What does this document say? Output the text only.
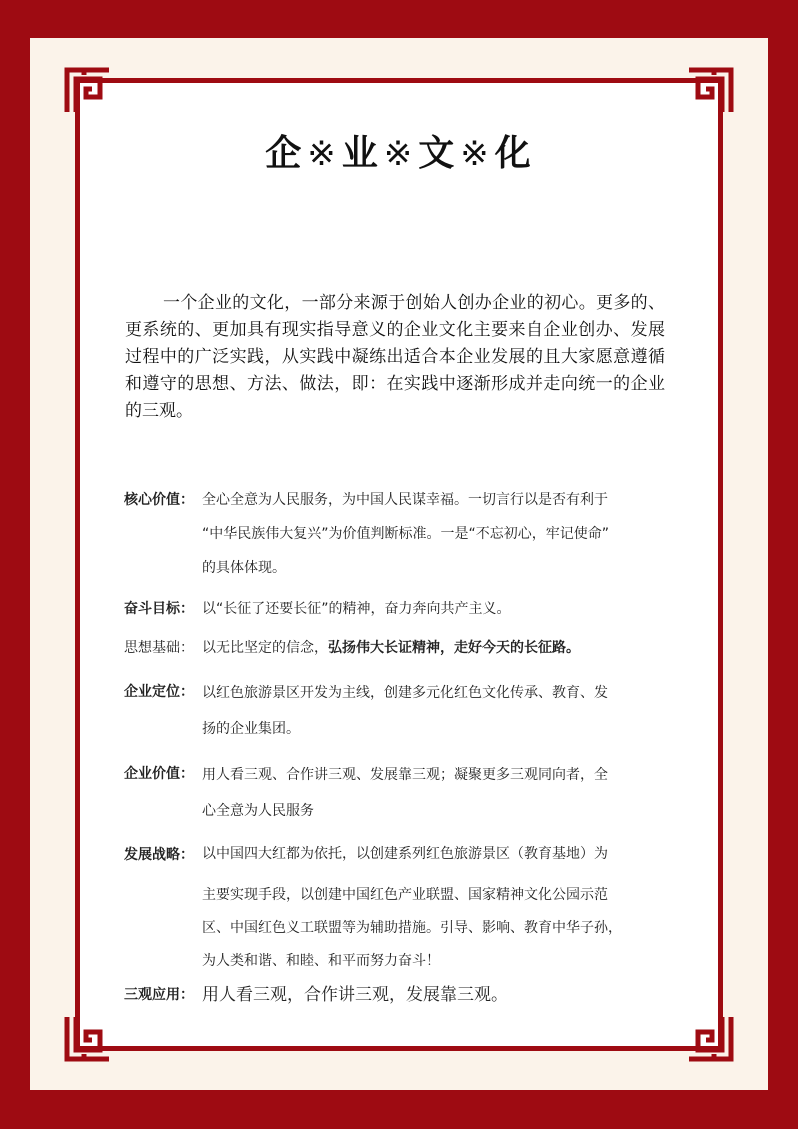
企 ※ 业 ※ 文 ※ 化

一个企业的文化，一部分来源于创始人创办企业的初心。更多的、更系统的、更加具有现实指导意义的企业文化主要来自企业创办、发展过程中的广泛实践，从实践中凝练出适合本企业发展的且大家愿意遵循和遵守的思想、方法、做法，即：在实践中逐渐形成并走向统一的企业的三观。

核心价值： 全心全意为人民服务，为中国人民谋幸福。一切言行以是否有利于
“中华民族伟大复兴”为价值判断标准。一是“不忘初心，牢记使命”
的具体体现。
奋斗目标： 以“长征了还要长征”的精神，奋力奔向共产主义。
思想基础： 以无比坚定的信念，弘扬伟大长证精神，走好今天的长征路。
企业定位： 以红色旅游景区开发为主线，创建多元化红色文化传承、教育、发
扬的企业集团。
企业价值： 用人看三观、合作讲三观、发展靠三观；凝聚更多三观同向者，全
心全意为人民服务
发展战略： 以中国四大红都为依托，以创建系列红色旅游景区（教育基地）为
主要实现手段，以创建中国红色产业联盟、国家精神文化公园示范
区、中国红色义工联盟等为辅助措施。引导、影响、教育中华子孙，
为人类和谐、和睦、和平而努力奋斗！
三观应用： 用人看三观，合作讲三观，发展靠三观。
